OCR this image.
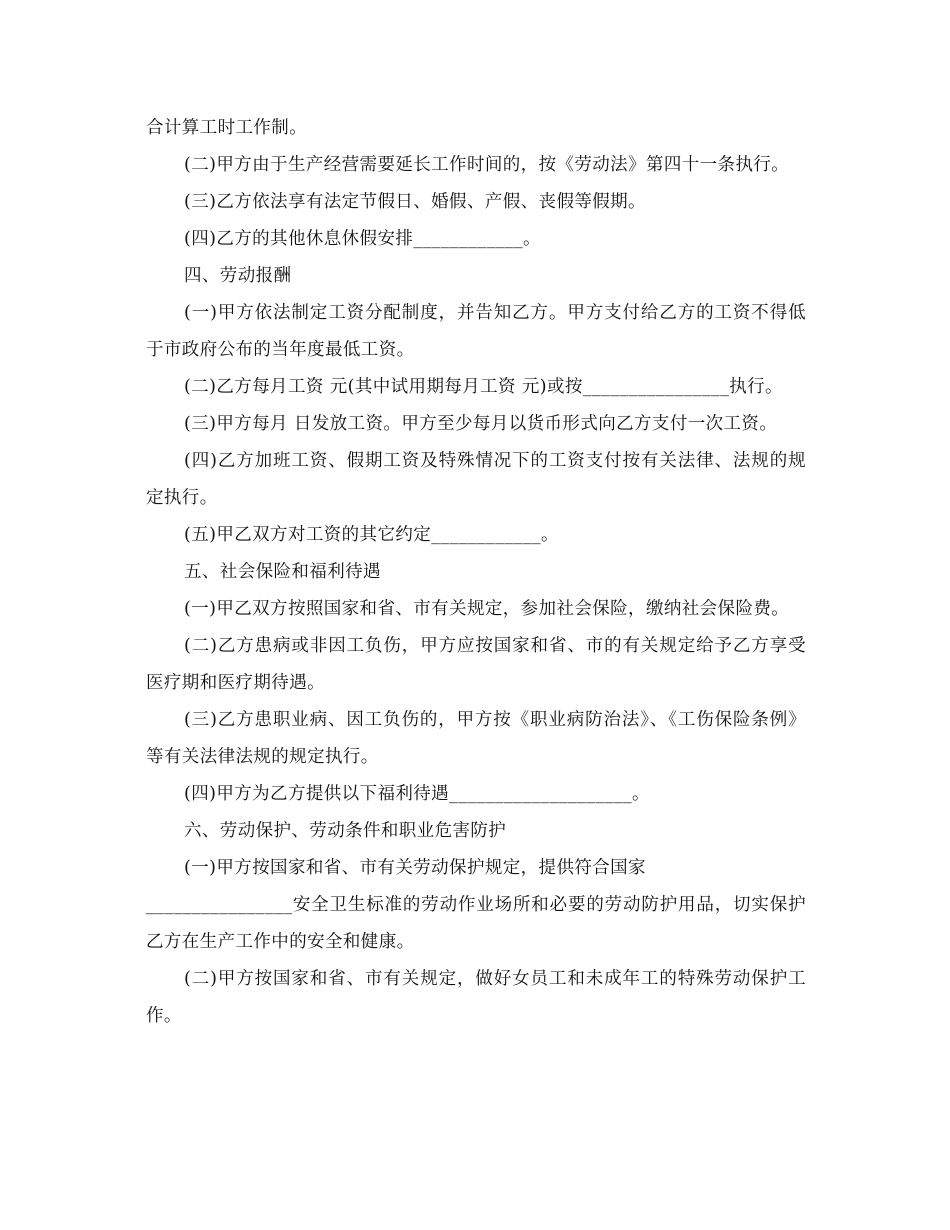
合计算工时工作制。

(二)甲方由于生产经营需要延长工作时间的，按《劳动法》第四十一条执行。

(三)乙方依法享有法定节假日、婚假、产假、丧假等假期。

(四)乙方的其他休息休假安排____________。

四、劳动报酬

(一)甲方依法制定工资分配制度，并告知乙方。甲方支付给乙方的工资不得低于市政府公布的当年度最低工资。

(二)乙方每月工资 元(其中试用期每月工资 元)或按________________执行。

(三)甲方每月 日发放工资。甲方至少每月以货币形式向乙方支付一次工资。

(四)乙方加班工资、假期工资及特殊情况下的工资支付按有关法律、法规的规定执行。

(五)甲乙双方对工资的其它约定____________。

五、社会保险和福利待遇

(一)甲乙双方按照国家和省、市有关规定，参加社会保险，缴纳社会保险费。

(二)乙方患病或非因工负伤，甲方应按国家和省、市的有关规定给予乙方享受医疗期和医疗期待遇。

(三)乙方患职业病、因工负伤的，甲方按《职业病防治法》、《工伤保险条例》等有关法律法规的规定执行。

(四)甲方为乙方提供以下福利待遇____________________。

六、劳动保护、劳动条件和职业危害防护

(一)甲方按国家和省、市有关劳动保护规定，提供符合国家

________________安全卫生标准的劳动作业场所和必要的劳动防护用品，切实保护乙方在生产工作中的安全和健康。

(二)甲方按国家和省、市有关规定，做好女员工和未成年工的特殊劳动保护工作。
